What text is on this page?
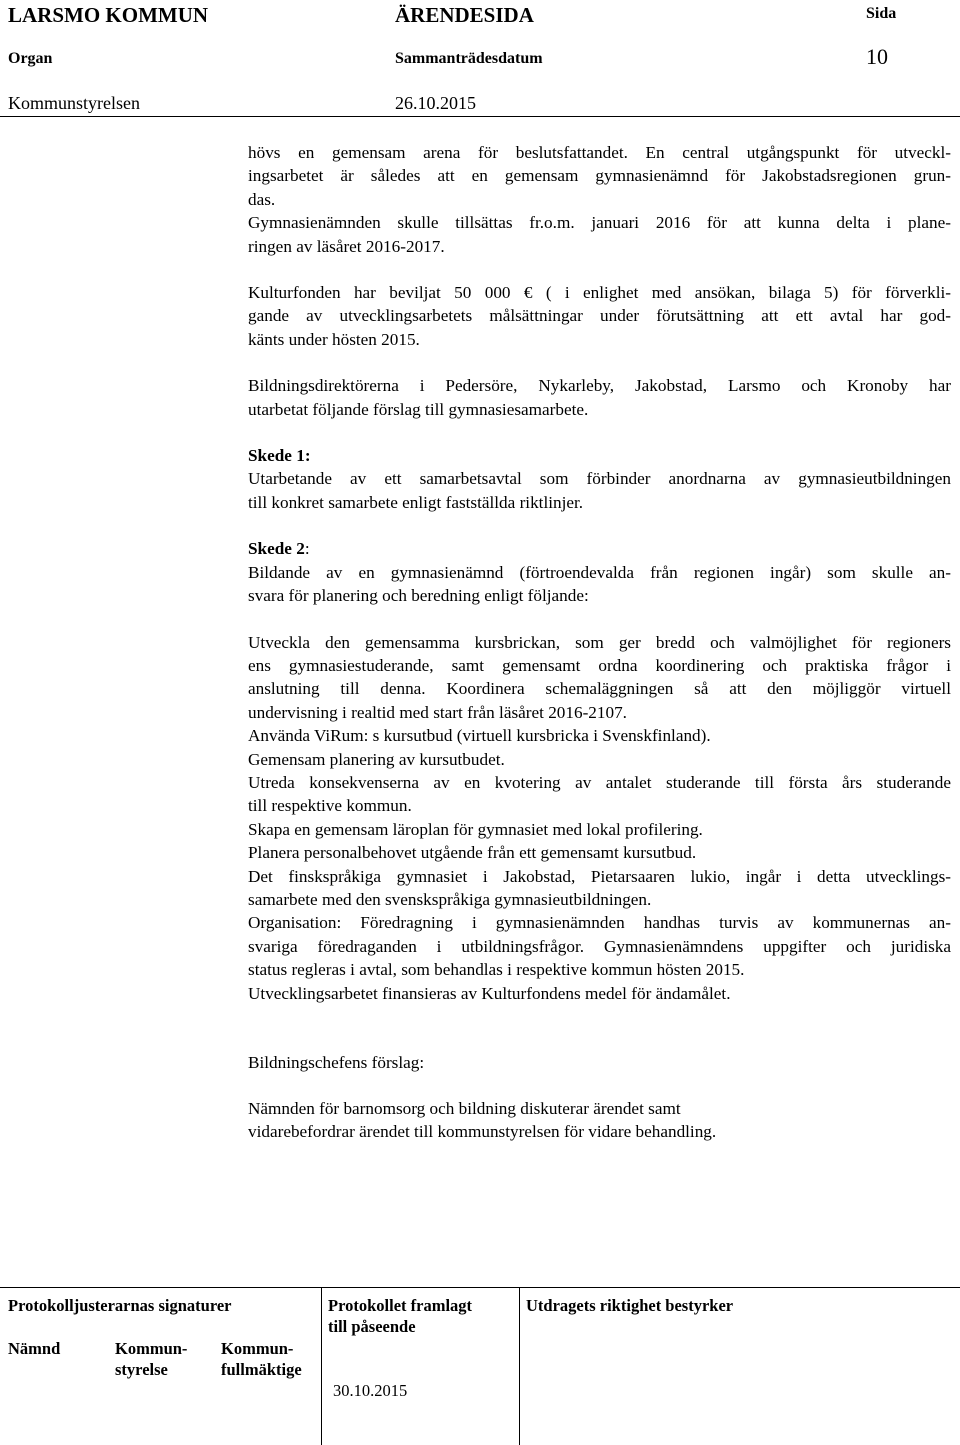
LARSMO KOMMUN	ÄRENDESIDA	Sida
Organ	Sammanträdesdatum	10
Kommunstyrelsen	26.10.2015
hövs en gemensam arena för beslutsfattandet. En central utgångspunkt för utveckl-
ingsarbetet är således att en gemensam gymnasienämnd för Jakobstadsregionen grun-
das.
Gymnasienämnden skulle tillsättas fr.o.m. januari 2016 för att kunna delta i plane-
ringen av läsåret 2016-2017.
Kulturfonden har beviljat 50 000 € ( i enlighet med ansökan, bilaga 5) för förverkli-
gande av utvecklingsarbetets målsättningar under förutsättning att ett avtal har god-
känts under hösten 2015.
Bildningsdirektörerna i Pedersöre, Nykarleby, Jakobstad, Larsmo och Kronoby har
utarbetat följande förslag till gymnasiesamarbete.
Skede 1:
Utarbetande av ett samarbetsavtal som förbinder anordnarna av gymnasieutbildningen
till konkret samarbete enligt fastställda riktlinjer.
Skede 2:
Bildande av en gymnasienämnd (förtroendevalda från regionen ingår) som skulle an-
svara för planering och beredning enligt följande:
Utveckla den gemensamma kursbrickan, som ger bredd och valmöjlighet för regioners
ens gymnasiestuderande, samt gemensamt ordna koordinering och praktiska frågor i
anslutning till denna. Koordinera schemaläggningen så att den möjliggör virtuell
undervisning i realtid med start från läsåret 2016-2107.
Använda ViRum: s kursutbud (virtuell kursbricka i Svenskfinland).
Gemensam planering av kursutbudet.
Utreda konsekvenserna av en kvotering av antalet studerande till första års studerande
till respektive kommun.
Skapa en gemensam läroplan för gymnasiet med lokal profilering.
Planera personalbehovet utgående från ett gemensamt kursutbud.
Det finskspråkiga gymnasiet i Jakobstad, Pietarsaaren lukio, ingår i detta utvecklings-
samarbete med den svenskspråkiga gymnasieutbildningen.
Organisation: Föredragning i gymnasienämnden handhas turvis av kommunernas an-
svariga föredraganden i utbildningsfrågor. Gymnasienämndens uppgifter och juridiska
status regleras i avtal, som behandlas i respektive kommun hösten 2015.
Utvecklingsarbetet finansieras av Kulturfondens medel för ändamålet.
Bildningschefens förslag:
Nämnden för barnomsorg och bildning diskuterar ärendet samt
vidarebefordrar ärendet till kommunstyrelsen för vidare behandling.
Protokolljusterarnas signaturer	Protokollet framlagt
till påseende
Utdragets riktighet bestyrker
Nämnd	Kommun-
styrelse
Kommun-
fullmäktige
30.10.2015
